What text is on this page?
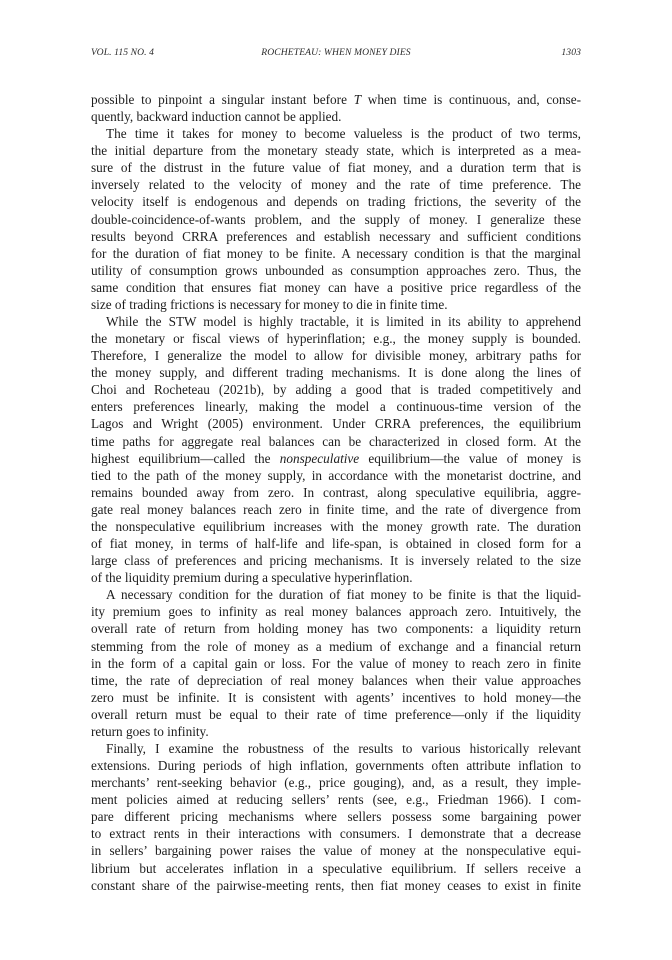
VOL. 115 NO. 4	ROCHETEAU: WHEN MONEY DIES	1303

possible to pinpoint a singular instant before T when time is continuous, and, conse-
quently, backward induction cannot be applied.

The time it takes for money to become valueless is the product of two terms,
the initial departure from the monetary steady state, which is interpreted as a mea-
sure of the distrust in the future value of fiat money, and a duration term that is
inversely related to the velocity of money and the rate of time preference. The
velocity itself is endogenous and depends on trading frictions, the severity of the
double-coincidence-of-wants problem, and the supply of money. I generalize these
results beyond CRRA preferences and establish necessary and sufficient conditions
for the duration of fiat money to be finite. A necessary condition is that the marginal
utility of consumption grows unbounded as consumption approaches zero. Thus, the
same condition that ensures fiat money can have a positive price regardless of the
size of trading frictions is necessary for money to die in finite time.

While the STW model is highly tractable, it is limited in its ability to apprehend
the monetary or fiscal views of hyperinflation; e.g., the money supply is bounded.
Therefore, I generalize the model to allow for divisible money, arbitrary paths for
the money supply, and different trading mechanisms. It is done along the lines of
Choi and Rocheteau (2021b), by adding a good that is traded competitively and
enters preferences linearly, making the model a continuous-time version of the
Lagos and Wright (2005) environment. Under CRRA preferences, the equilibrium
time paths for aggregate real balances can be characterized in closed form. At the
highest equilibrium—called the nonspeculative equilibrium—the value of money is
tied to the path of the money supply, in accordance with the monetarist doctrine, and
remains bounded away from zero. In contrast, along speculative equilibria, aggre-
gate real money balances reach zero in finite time, and the rate of divergence from
the nonspeculative equilibrium increases with the money growth rate. The duration
of fiat money, in terms of half-life and life-span, is obtained in closed form for a
large class of preferences and pricing mechanisms. It is inversely related to the size
of the liquidity premium during a speculative hyperinflation.

A necessary condition for the duration of fiat money to be finite is that the liquid-
ity premium goes to infinity as real money balances approach zero. Intuitively, the
overall rate of return from holding money has two components: a liquidity return
stemming from the role of money as a medium of exchange and a financial return
in the form of a capital gain or loss. For the value of money to reach zero in finite
time, the rate of depreciation of real money balances when their value approaches
zero must be infinite. It is consistent with agents’ incentives to hold money—the
overall return must be equal to their rate of time preference—only if the liquidity
return goes to infinity.

Finally, I examine the robustness of the results to various historically relevant
extensions. During periods of high inflation, governments often attribute inflation to
merchants’ rent-seeking behavior (e.g., price gouging), and, as a result, they imple-
ment policies aimed at reducing sellers’ rents (see, e.g., Friedman 1966). I com-
pare different pricing mechanisms where sellers possess some bargaining power
to extract rents in their interactions with consumers. I demonstrate that a decrease
in sellers’ bargaining power raises the value of money at the nonspeculative equi-
librium but accelerates inflation in a speculative equilibrium. If sellers receive a
constant share of the pairwise-meeting rents, then fiat money ceases to exist in finite
